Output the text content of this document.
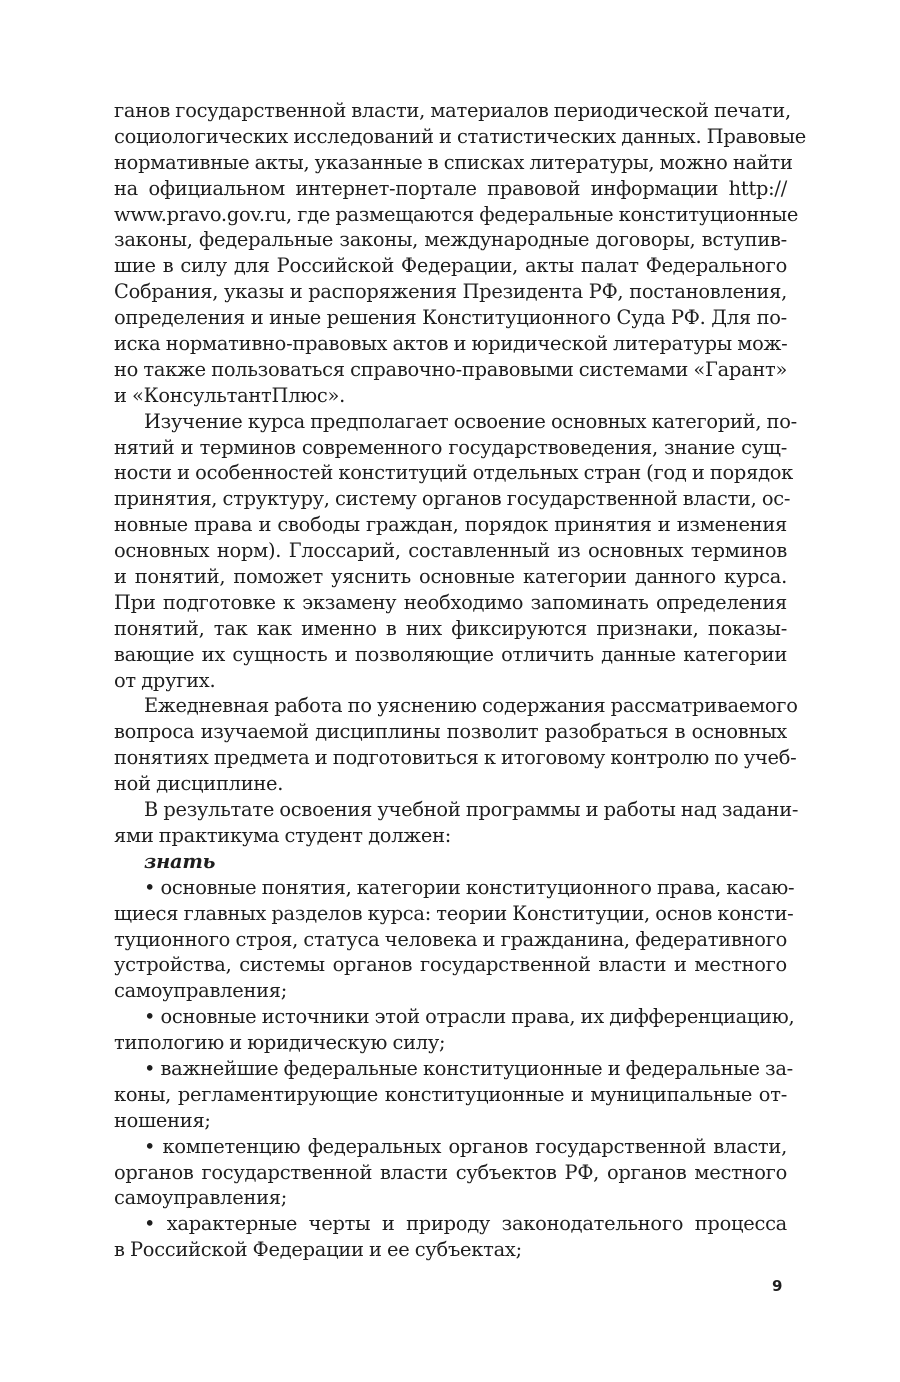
ганов государственной власти, материалов периодической печати,
социологических исследований и статистических данных. Правовые
нормативные акты, указанные в списках литературы, можно найти
на официальном интернет-портале правовой информации http://
www.pravo.gov.ru, где размещаются федеральные конституционные
законы, федеральные законы, международные договоры, вступив-
шие в силу для Российской Федерации, акты палат Федерального
Собрания, указы и распоряжения Президента РФ, постановления,
определения и иные решения Конституционного Суда РФ. Для по-
иска нормативно-правовых актов и юридической литературы мож-
но также пользоваться справочно-правовыми системами «Гарант»
и «КонсультантПлюс».
Изучение курса предполагает освоение основных категорий, по-
нятий и терминов современного государствоведения, знание сущ-
ности и особенностей конституций отдельных стран (год и порядок
принятия, структуру, систему органов государственной власти, ос-
новные права и свободы граждан, порядок принятия и изменения
основных норм). Глоссарий, составленный из основных терминов
и понятий, поможет уяснить основные категории данного курса.
При подготовке к экзамену необходимо запоминать определения
понятий, так как именно в них фиксируются признаки, показы-
вающие их сущность и позволяющие отличить данные категории
от других.
Ежедневная работа по уяснению содержания рассматриваемого
вопроса изучаемой дисциплины позволит разобраться в основных
понятиях предмета и подготовиться к итоговому контролю по учеб-
ной дисциплине.
В результате освоения учебной программы и работы над задани-
ями практикума студент должен:
знать
• основные понятия, категории конституционного права, касаю-
щиеся главных разделов курса: теории Конституции, основ консти-
туционного строя, статуса человека и гражданина, федеративного
устройства, системы органов государственной власти и местного
самоуправления;
• основные источники этой отрасли права, их дифференциацию,
типологию и юридическую силу;
• важнейшие федеральные конституционные и федеральные за-
коны, регламентирующие конституционные и муниципальные от-
ношения;
• компетенцию федеральных органов государственной власти,
органов государственной власти субъектов РФ, органов местного
самоуправления;
• характерные черты и природу законодательного процесса
в Российской Федерации и ее субъектах;
9
